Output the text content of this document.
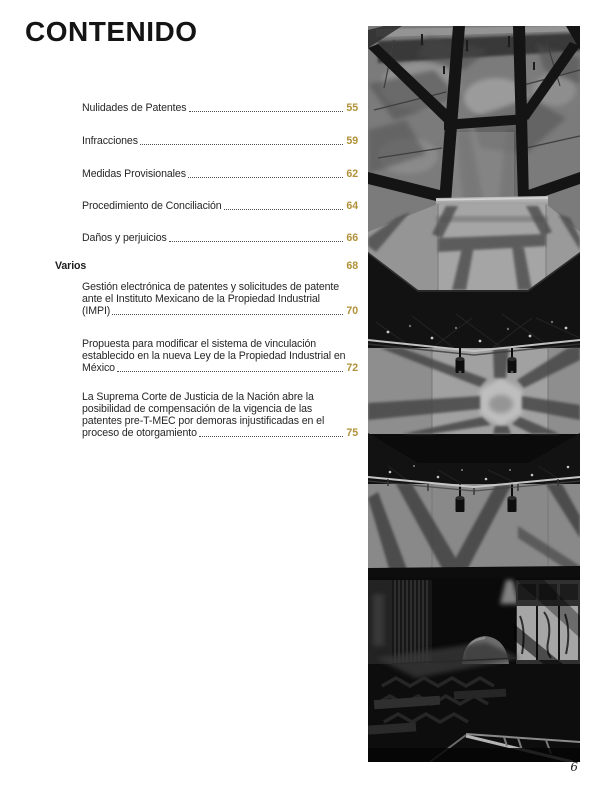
CONTENIDO
Nulidades de Patentes	55
Infracciones	59
Medidas Provisionales	62
Procedimiento de Conciliación	64
Daños y perjuicios	66
Varios	68
Gestión electrónica de patentes y solicitudes de patente
ante el Instituto Mexicano de la Propiedad Industrial
(IMPI)	70
Propuesta para modificar el sistema de vinculación
establecido en la nueva Ley de la Propiedad Industrial en
México	72
La Suprema Corte de Justicia de la Nación abre la
posibilidad de compensación de la vigencia de las
patentes pre-T-MEC por demoras injustificadas en el
proceso de otorgamiento	75
6
